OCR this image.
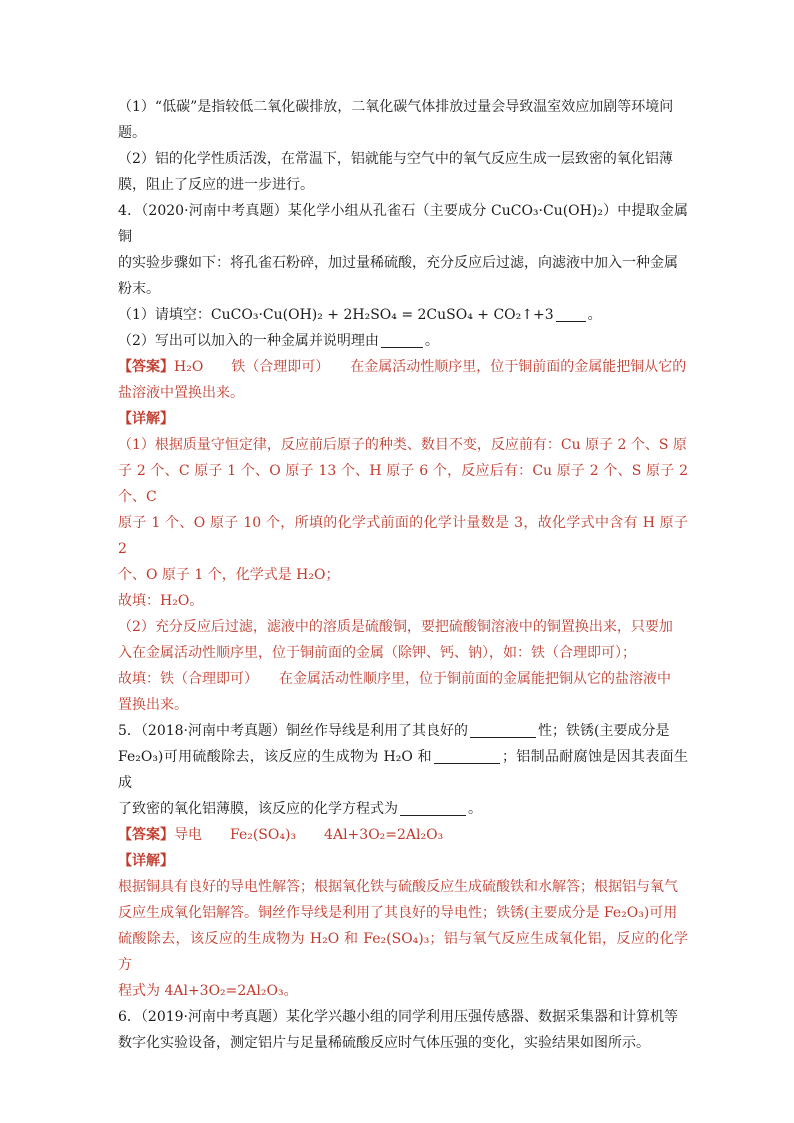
（1）“低碳”是指较低二氧化碳排放，二氧化碳气体排放过量会导致温室效应加剧等环境问

题。

（2）铝的化学性质活泼，在常温下，铝就能与空气中的氧气反应生成一层致密的氧化铝薄

膜，阻止了反应的进一步进行。

4．（2020·河南中考真题）某化学小组从孔雀石（主要成分 CuCO₃·Cu(OH)₂）中提取金属铜

的实验步骤如下：将孔雀石粉碎，加过量稀硫酸，充分反应后过滤，向滤液中加入一种金属

粉末。

（1）请填空：CuCO₃·Cu(OH)₂ + 2H₂SO₄ = 2CuSO₄ + CO₂↑+3 。

（2）写出可以加入的一种金属并说明理由	。

【答案】H₂O　　铁（合理即可）　　在金属活动性顺序里，位于铜前面的金属能把铜从它的

盐溶液中置换出来。

【详解】

（1）根据质量守恒定律，反应前后原子的种类、数目不变，反应前有：Cu 原子 2 个、S 原

子 2 个、C 原子 1 个、O 原子 13 个、H 原子 6 个，反应后有：Cu 原子 2 个、S 原子 2 个、C

原子 1 个、O 原子 10 个，所填的化学式前面的化学计量数是 3，故化学式中含有 H 原子 2

个、O 原子 1 个，化学式是 H₂O；

故填：H₂O。

（2）充分反应后过滤，滤液中的溶质是硫酸铜，要把硫酸铜溶液中的铜置换出来，只要加

入在金属活动性顺序里，位于铜前面的金属（除钾、钙、钠），如：铁（合理即可）；

故填：铁（合理即可）　　在金属活动性顺序里，位于铜前面的金属能把铜从它的盐溶液中

置换出来。

5．（2018·河南中考真题）铜丝作导线是利用了其良好的	性；铁锈(主要成分是

Fe₂O₃)可用硫酸除去，该反应的生成物为 H₂O 和	；铝制品耐腐蚀是因其表面生成

了致密的氧化铝薄膜，该反应的化学方程式为	。

【答案】导电　　Fe₂(SO₄)₃　　4Al+3O₂=2Al₂O₃

【详解】

根据铜具有良好的导电性解答；根据氧化铁与硫酸反应生成硫酸铁和水解答；根据铝与氧气

反应生成氧化铝解答。铜丝作导线是利用了其良好的导电性；铁锈(主要成分是 Fe₂O₃)可用

硫酸除去，该反应的生成物为 H₂O 和 Fe₂(SO₄)₃；铝与氧气反应生成氧化铝，反应的化学方

程式为 4Al+3O₂=2Al₂O₃。

6．（2019·河南中考真题）某化学兴趣小组的同学利用压强传感器、数据采集器和计算机等

数字化实验设备，测定铝片与足量稀硫酸反应时气体压强的变化，实验结果如图所示。
